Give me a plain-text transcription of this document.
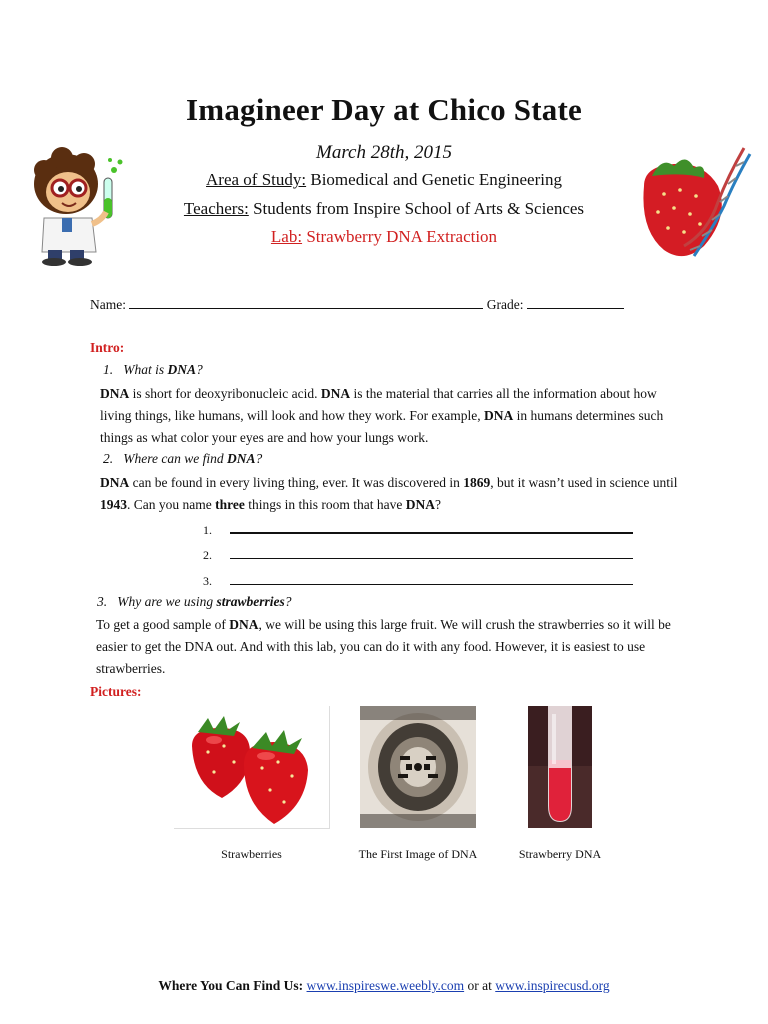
Imagineer Day at Chico State
March 28th, 2015
Area of Study: Biomedical and Genetic Engineering
Teachers: Students from Inspire School of Arts & Sciences
Lab: Strawberry DNA Extraction
Name:	Grade:
Intro:
1. What is DNA?
DNA is short for deoxyribonucleic acid. DNA is the material that carries all the information about how living things, like humans, will look and how they work. For example, DNA in humans determines such things as what color your eyes are and how your lungs work.
2. Where can we find DNA?
DNA can be found in every living thing, ever. It was discovered in 1869, but it wasn’t used in science until 1943. Can you name three things in this room that have DNA?
1.
2.
3.
3. Why are we using strawberries?
To get a good sample of DNA, we will be using this large fruit. We will crush the strawberries so it will be easier to get the DNA out. And with this lab, you can do it with any food. However, it is easiest to use strawberries.
Pictures:
Strawberries	The First Image of DNA	Strawberry DNA
Where You Can Find Us: www.inspireswe.weebly.com or at www.inspirecusd.org
